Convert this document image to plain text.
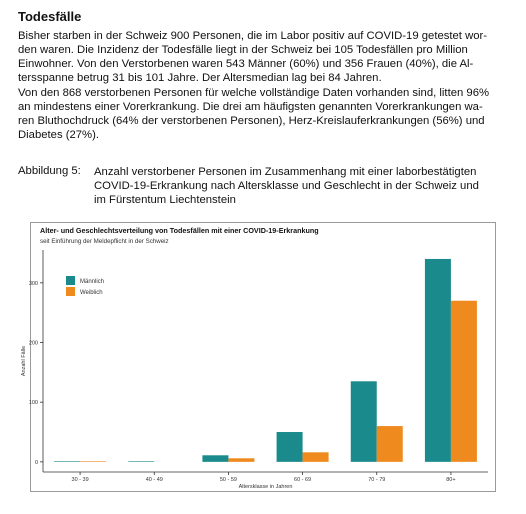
Todesfälle
Bisher starben in der Schweiz 900 Personen, die im Labor positiv auf COVID-19 getestet wor-
den waren. Die Inzidenz der Todesfälle liegt in der Schweiz bei 105 Todesfällen pro Million
Einwohner. Von den Verstorbenen waren 543 Männer (60%) und 356 Frauen (40%), die Al-
tersspanne betrug 31 bis 101 Jahre. Der Altersmedian lag bei 84 Jahren.
Von den 868 verstorbenen Personen für welche vollständige Daten vorhanden sind, litten 96%
an mindestens einer Vorerkrankung. Die drei am häufigsten genannten Vorerkrankungen wa-
ren Bluthochdruck (64% der verstorbenen Personen), Herz-Kreislauferkrankungen (56%) und
Diabetes (27%).
Abbildung 5: Anzahl verstorbener Personen im Zusammenhang mit einer laborbestätigten
COVID-19-Erkrankung nach Altersklasse und Geschlecht in der Schweiz und
im Fürstentum Liechtenstein
Alter- und Geschlechtsverteilung von Todesfällen mit einer COVID-19-Erkrankung
seit Einführung der Meldepflicht in der Schweiz
0
100
200
300
30 - 39	40 - 49	50 - 59	60 - 69	70 - 79	80+
Altersklasse in Jahren
Anzahl Fälle
Männlich
Weiblich
